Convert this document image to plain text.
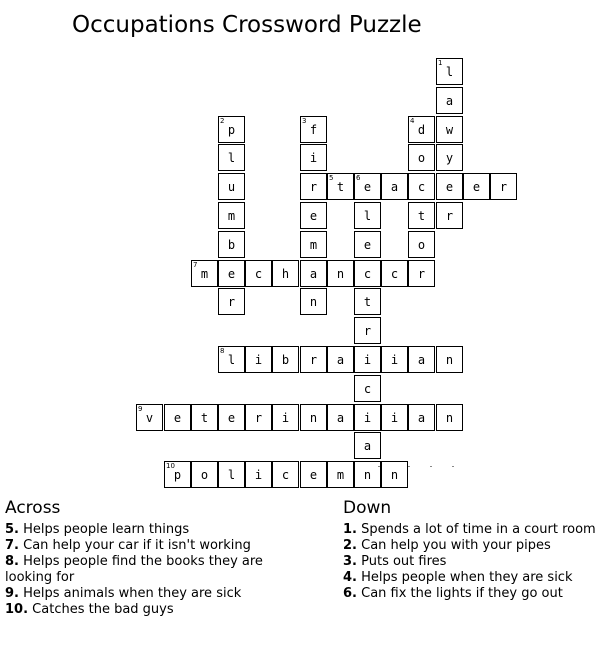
Occupations Crossword Puzzle
1
l
a
w
y
e
r
2
p
l
u
m
b
e
r
3
f
i
r
e
m
a
n
4
d
o
c
t
o
r
5
t
6
e	a	e	r
l
e
c
t
r
i
c
i
a
n
7
m	c	h	n	c
8
l	i	b	r	a	i	a	n
9
v	e	t	e	r	i	n	a	i	a	n
10
p	o	l	i	c	e	m	n
Across
5. Helps people learn things
7. Can help your car if it isn't working
8. Helps people find the books they are looking for
9. Helps animals when they are sick
10. Catches the bad guys
Down
1. Spends a lot of time in a court room
2. Can help you with your pipes
3. Puts out fires
4. Helps people when they are sick
6. Can fix the lights if they go out
